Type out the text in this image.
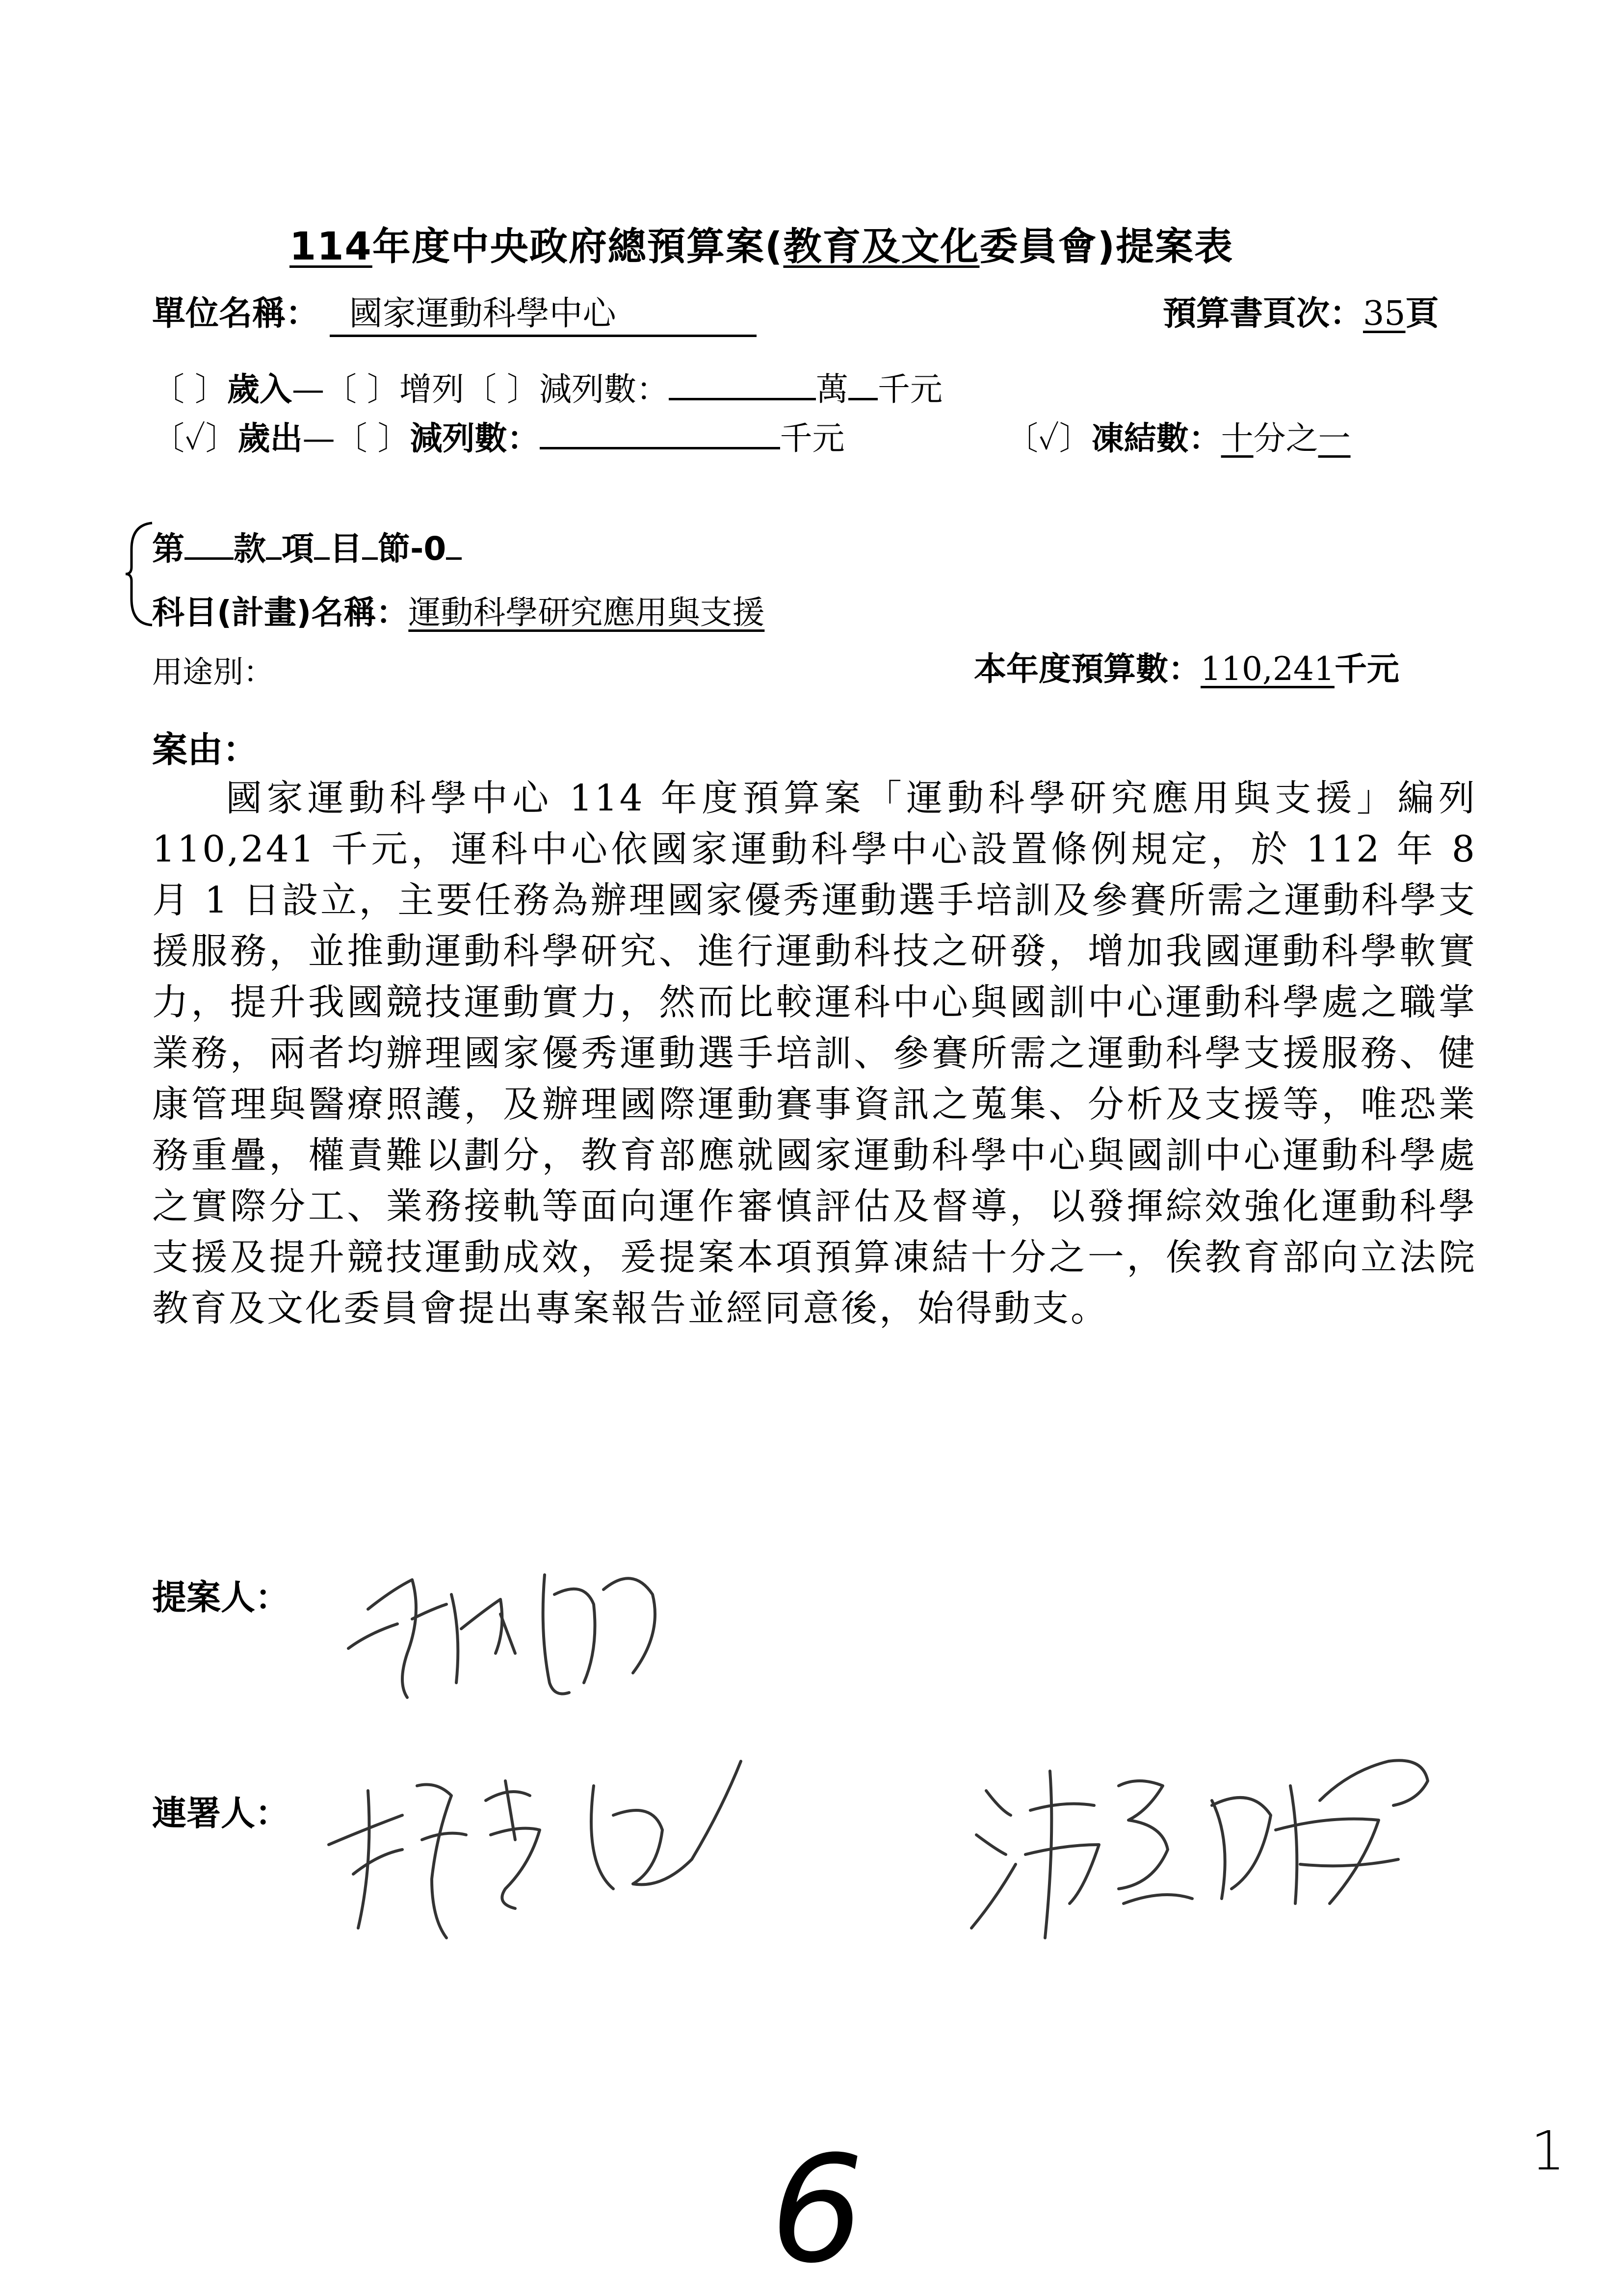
114年度中央政府總預算案(教育及文化委員會)提案表
單位名稱： 國家運動科學中心	預算書頁次：35頁
〔 〕歲入—〔 〕增列〔 〕減列數：	萬 千元
〔✓〕歲出—〔 〕減列數：	千元	〔✓〕凍結數：十分之一
第 款 項 目 節-0
科目(計畫)名稱：運動科學研究應用與支援
用途別：	本年度預算數：110,241千元
案由：

國家運動科學中心 114 年度預算案「運動科學研究應用與支援」編列 110,241 千元，運科中心依國家運動科學中心設置條例規定，於 112 年 8 月 1 日設立，主要任務為辦理國家優秀運動選手培訓及參賽所需之運動科學支援服務，並推動運動科學研究、進行運動科技之研發，增加我國運動科學軟實力，提升我國競技運動實力，然而比較運科中心與國訓中心運動科學處之職掌業務，兩者均辦理國家優秀運動選手培訓、參賽所需之運動科學支援服務、健康管理與醫療照護，及辦理國際運動賽事資訊之蒐集、分析及支援等，唯恐業務重疊，權責難以劃分，教育部應就國家運動科學中心與國訓中心運動科學處之實際分工、業務接軌等面向運作審慎評估及督導，以發揮綜效強化運動科學支援及提升競技運動成效，爰提案本項預算凍結十分之一，俟教育部向立法院教育及文化委員會提出專案報告並經同意後，始得動支。

提案人：
連署人：
6	1
